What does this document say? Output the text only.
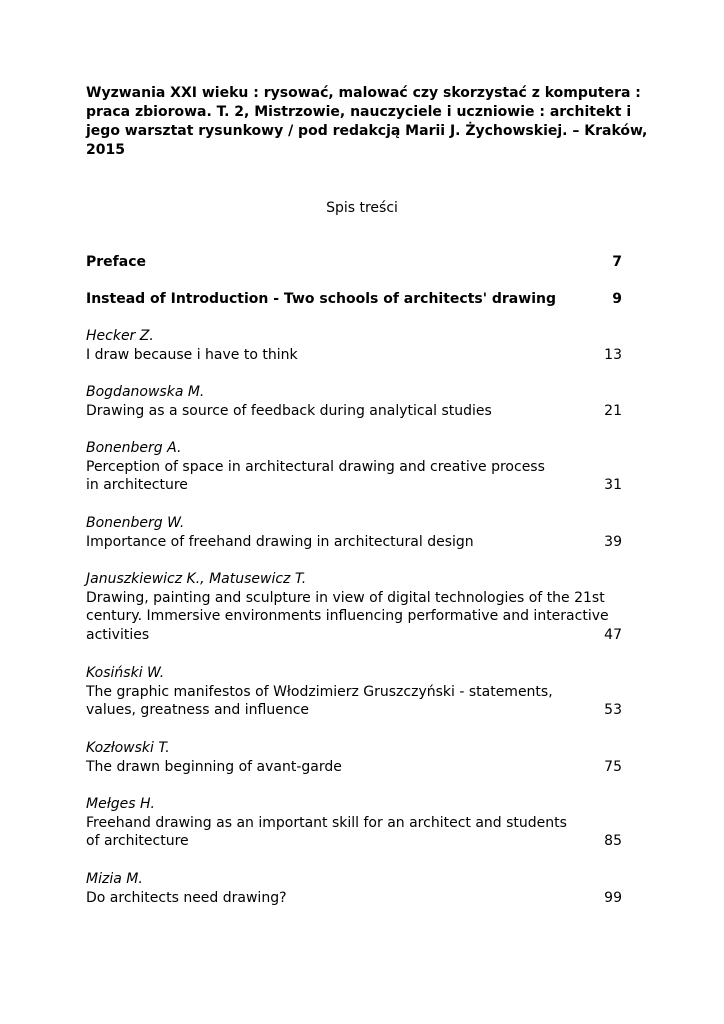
Wyzwania XXI wieku : rysować, malować czy skorzystać z komputera :
praca zbiorowa. T. 2, Mistrzowie, nauczyciele i uczniowie : architekt i
jego warsztat rysunkowy / pod redakcją Marii J. Żychowskiej. – Kraków,
2015
Spis treści
Preface	7
Instead of Introduction - Two schools of architects' drawing	9
Hecker Z.
I draw because i have to think	13
Bogdanowska M.
Drawing as a source of feedback during analytical studies	21
Bonenberg A.
Perception of space in architectural drawing and creative process
in architecture	31
Bonenberg W.
Importance of freehand drawing in architectural design	39
Januszkiewicz K., Matusewicz T.
Drawing, painting and sculpture in view of digital technologies of the 21st
century. Immersive environments influencing performative and interactive
activities	47
Kosiński W.
The graphic manifestos of Włodzimierz Gruszczyński - statements,
values, greatness and influence	53
Kozłowski T.
The drawn beginning of avant-garde	75
Mełges H.
Freehand drawing as an important skill for an architect and students
of architecture	85
Mizia M.
Do architects need drawing?	99
